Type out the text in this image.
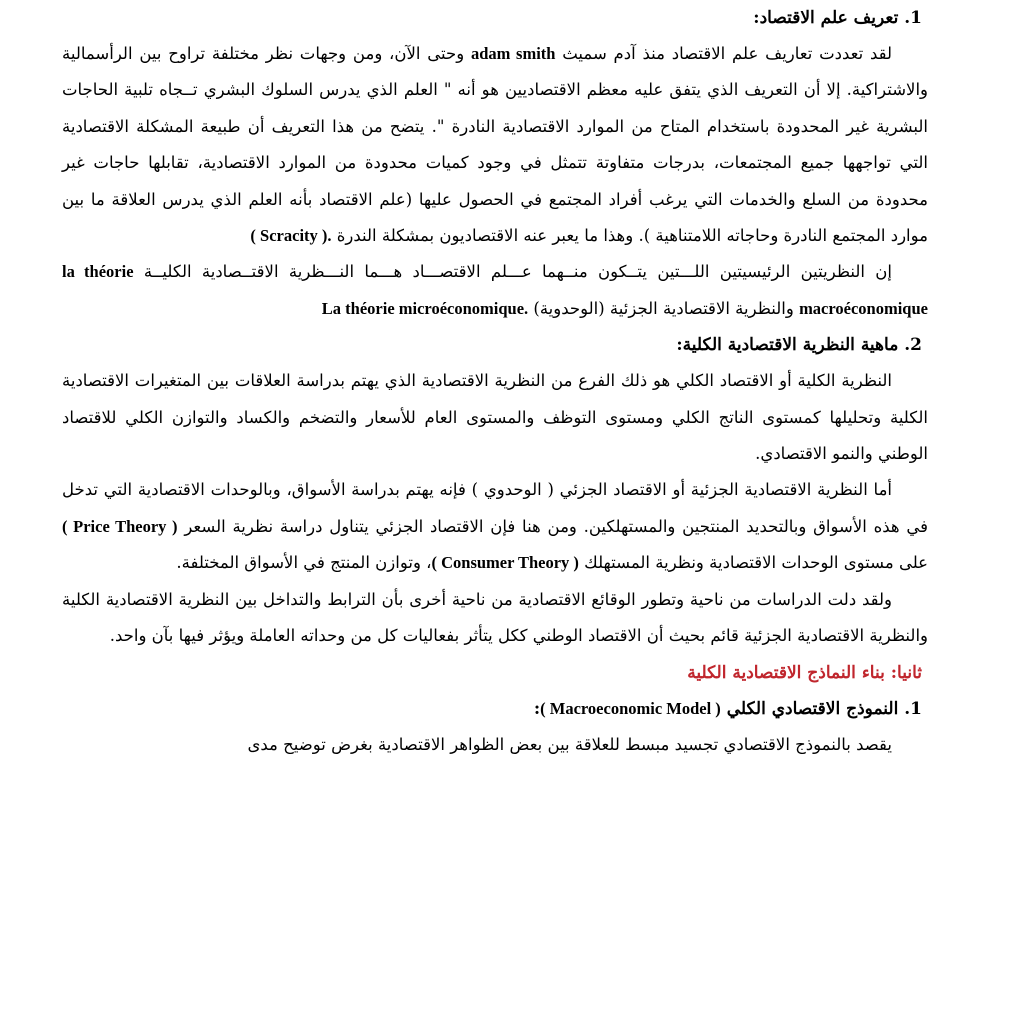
1. تعريف علم الاقتصاد:

لقد تعددت تعاريف علم الاقتصاد منذ آدم سميث adam smith وحتى الآن، ومن وجهات نظر مختلفة تراوح بين الرأسمالية والاشتراكية. إلا أن التعريف الذي يتفق عليه معظم الاقتصاديين هو أنه " العلم الذي يدرس السلوك البشري تــجاه تلبية الحاجات البشرية غير المحدودة باستخدام المتاح من الموارد الاقتصادية النادرة ". يتضح من هذا التعريف أن طبيعة المشكلة الاقتصادية التي تواجهها جميع المجتمعات، بدرجات متفاوتة تتمثل في وجود كميات محدودة من الموارد الاقتصادية، تقابلها حاجات غير محدودة من السلع والخدمات التي يرغب أفراد المجتمع في الحصول عليها (علم الاقتصاد بأنه العلم الذي يدرس العلاقة ما بين موارد المجتمع النادرة وحاجاته اللامتناهية ). وهذا ما يعبر عنه الاقتصاديون بمشكلة الندرة ( Scracity ).

إن النظريتين الرئيسيتين اللـــتين يتــكون منــهما عـــلم الاقتصـــاد هـــما النـــظرية الاقتــصادية الكليــة la théorie macroéconomique والنظرية الاقتصادية الجزئية (الوحدوية) La théorie microéconomique.

2. ماهية النظرية الاقتصادية الكلية:

النظرية الكلية أو الاقتصاد الكلي هو ذلك الفرع من النظرية الاقتصادية الذي يهتم بدراسة العلاقات بين المتغيرات الاقتصادية الكلية وتحليلها كمستوى الناتج الكلي ومستوى التوظف والمستوى العام للأسعار والتضخم والكساد والتوازن الكلي للاقتصاد الوطني والنمو الاقتصادي.

أما النظرية الاقتصادية الجزئية أو الاقتصاد الجزئي ( الوحدوي ) فإنه يهتم بدراسة الأسواق، وبالوحدات الاقتصادية التي تدخل في هذه الأسواق وبالتحديد المنتجين والمستهلكين. ومن هنا فإن الاقتصاد الجزئي يتناول دراسة نظرية السعر ( Price Theory ) على مستوى الوحدات الاقتصادية ونظرية المستهلك ( Consumer Theory )، وتوازن المنتج في الأسواق المختلفة.

ولقد دلت الدراسات من ناحية وتطور الوقائع الاقتصادية من ناحية أخرى بأن الترابط والتداخل بين النظرية الاقتصادية الكلية والنظرية الاقتصادية الجزئية قائم بحيث أن الاقتصاد الوطني ككل يتأثر بفعاليات كل من وحداته العاملة ويؤثر فيها بآن واحد.

ثانيا: بناء النماذج الاقتصادية الكلية
1. النموذج الاقتصادي الكلي ( Macroeconomic Model ):

يقصد بالنموذج الاقتصادي تجسيد مبسط للعلاقة بين بعض الظواهر الاقتصادية بغرض توضيح مدى
